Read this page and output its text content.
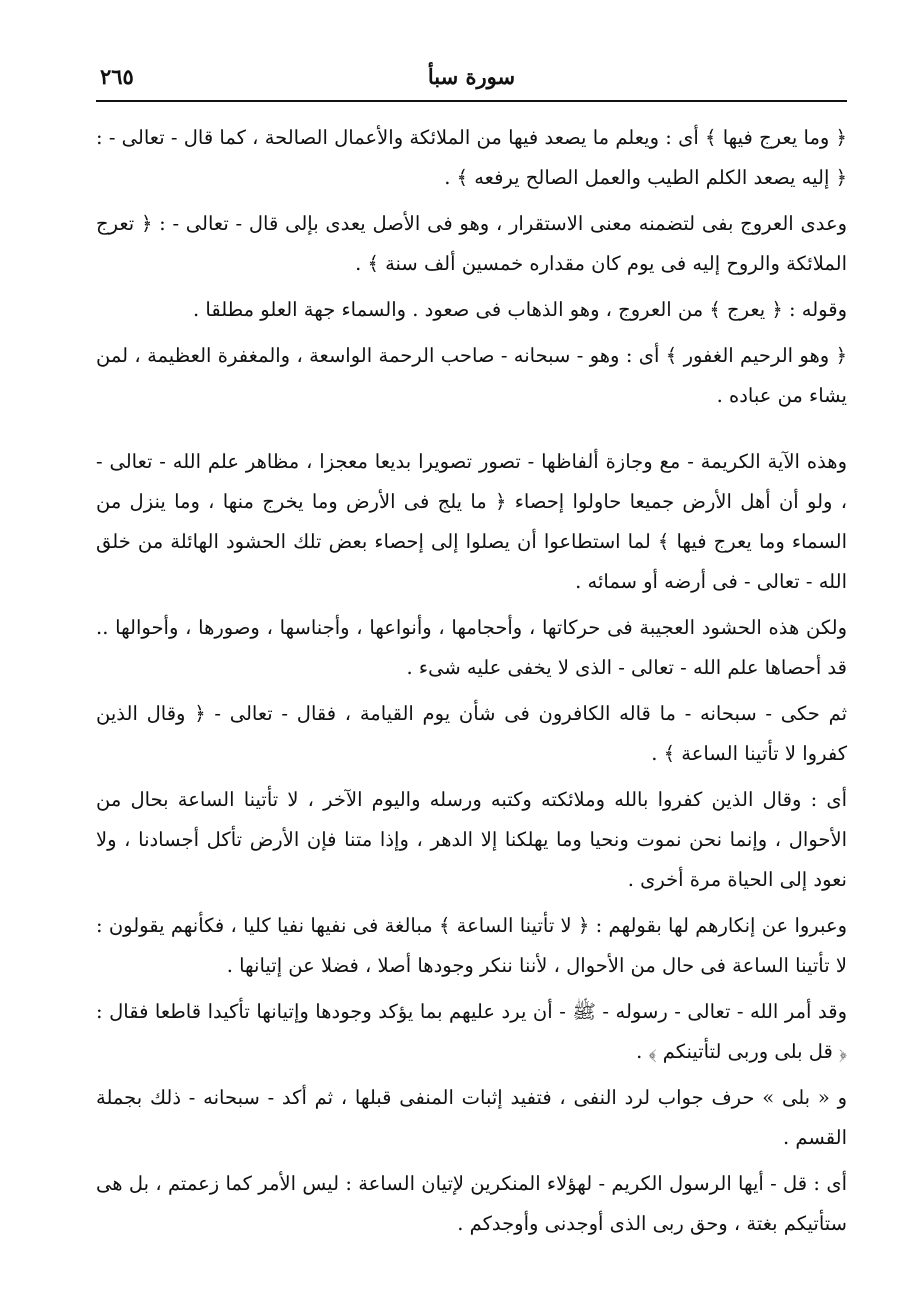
٢٦٥	سورة سبأ

﴿ وما يعرج فيها ﴾ أى : ويعلم ما يصعد فيها من الملائكة والأعمال الصالحة ، كما قال - تعالى - : ﴿ إليه يصعد الكلم الطيب والعمل الصالح يرفعه ﴾ .

وعدى العروج بفى لتضمنه معنى الاستقرار ، وهو فى الأصل يعدى بإلى قال - تعالى - : ﴿ تعرج الملائكة والروح إليه فى يوم كان مقداره خمسين ألف سنة ﴾ .

وقوله : ﴿ يعرج ﴾ من العروج ، وهو الذهاب فى صعود . والسماء جهة العلو مطلقا .

﴿ وهو الرحيم الغفور ﴾ أى : وهو - سبحانه - صاحب الرحمة الواسعة ، والمغفرة العظيمة ، لمن يشاء من عباده .

وهذه الآية الكريمة - مع وجازة ألفاظها - تصور تصويرا بديعا معجزا ، مظاهر علم الله - تعالى - ، ولو أن أهل الأرض جميعا حاولوا إحصاء ﴿ ما يلج فى الأرض وما يخرج منها ، وما ينزل من السماء وما يعرج فيها ﴾ لما استطاعوا أن يصلوا إلى إحصاء بعض تلك الحشود الهائلة من خلق الله - تعالى - فى أرضه أو سمائه .

ولكن هذه الحشود العجيبة فى حركاتها ، وأحجامها ، وأنواعها ، وأجناسها ، وصورها ، وأحوالها .. قد أحصاها علم الله - تعالى - الذى لا يخفى عليه شىء .

ثم حكى - سبحانه - ما قاله الكافرون فى شأن يوم القيامة ، فقال - تعالى - ﴿ وقال الذين كفروا لا تأتينا الساعة ﴾ .

أى : وقال الذين كفروا بالله وملائكته وكتبه ورسله واليوم الآخر ، لا تأتينا الساعة بحال من الأحوال ، وإنما نحن نموت ونحيا وما يهلكنا إلا الدهر ، وإذا متنا فإن الأرض تأكل أجسادنا ، ولا نعود إلى الحياة مرة أخرى .

وعبروا عن إنكارهم لها بقولهم : ﴿ لا تأتينا الساعة ﴾ مبالغة فى نفيها نفيا كليا ، فكأنهم يقولون : لا تأتينا الساعة فى حال من الأحوال ، لأننا ننكر وجودها أصلا ، فضلا عن إتيانها .

وقد أمر الله - تعالى - رسوله - ﷺ - أن يرد عليهم بما يؤكد وجودها وإتيانها تأكيدا قاطعا فقال : ﴿ قل بلى وربى لتأتينكم ﴾ .

و « بلى » حرف جواب لرد النفى ، فتفيد إثبات المنفى قبلها ، ثم أكد - سبحانه - ذلك بجملة القسم .

أى : قل - أيها الرسول الكريم - لهؤلاء المنكرين لإتيان الساعة : ليس الأمر كما زعمتم ، بل هى ستأتيكم بغتة ، وحق ربى الذى أوجدنى وأوجدكم .
